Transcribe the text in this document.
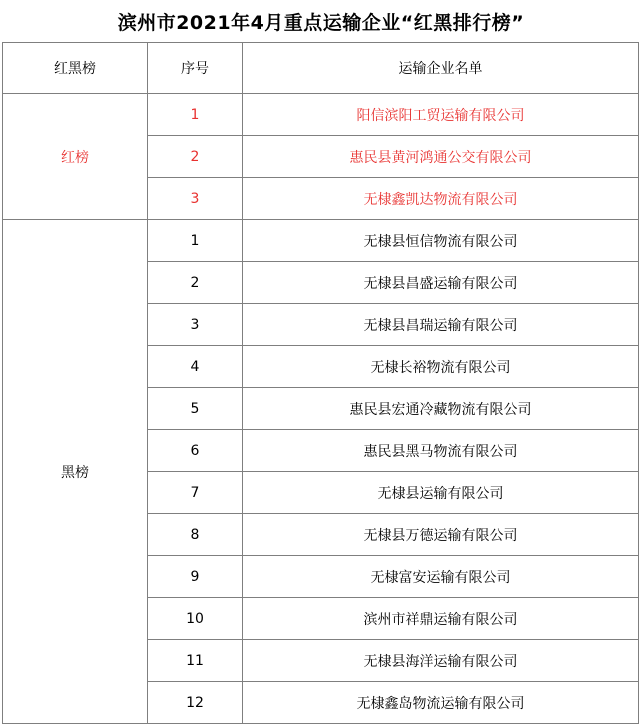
滨州市2021年4月重点运输企业“红黑排行榜”
红黑榜	序号	运输企业名单
红榜	1	阳信滨阳工贸运输有限公司
	2	惠民县黄河鸿通公交有限公司
	3	无棣鑫凯达物流有限公司
黑榜	1	无棣县恒信物流有限公司
	2	无棣县昌盛运输有限公司
	3	无棣县昌瑞运输有限公司
	4	无棣长裕物流有限公司
	5	惠民县宏通冷藏物流有限公司
	6	惠民县黑马物流有限公司
	7	无棣县运输有限公司
	8	无棣县万德运输有限公司
	9	无棣富安运输有限公司
	10	滨州市祥鼎运输有限公司
	11	无棣县海洋运输有限公司
	12	无棣鑫岛物流运输有限公司
